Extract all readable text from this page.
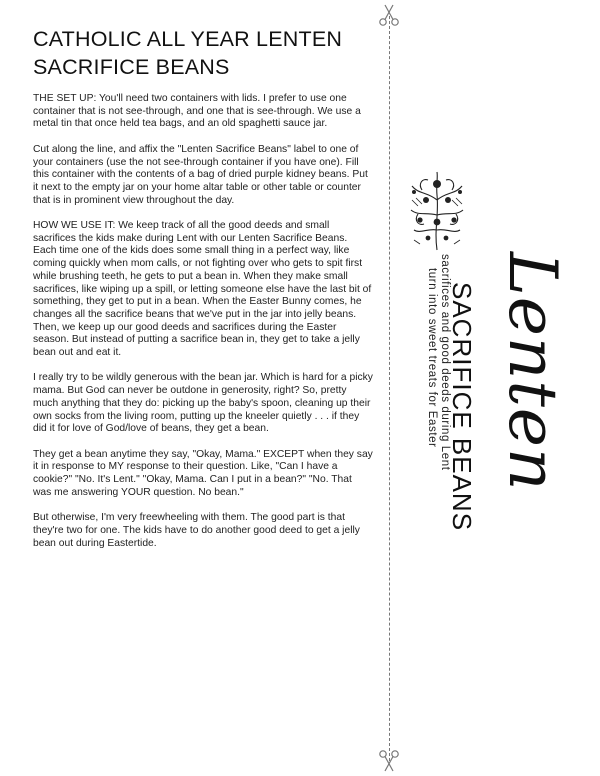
CATHOLIC ALL YEAR LENTEN
SACRIFICE BEANS

THE SET UP: You'll need two containers with lids. I prefer to use one container that is not see-through, and one that is see-through. We use a metal tin that once held tea bags, and an old spaghetti sauce jar.

Cut along the line, and affix the "Lenten Sacrifice Beans" label to one of your containers (use the not see-through container if you have one). Fill this container with the contents of a bag of dried purple kidney beans. Put it next to the empty jar on your home altar table or other table or counter that is in prominent view throughout the day.

HOW WE USE IT: We keep track of all the good deeds and small sacrifices the kids make during Lent with our Lenten Sacrifice Beans. Each time one of the kids does some small thing in a perfect way, like coming quickly when mom calls, or not fighting over who gets to spit first while brushing teeth, he gets to put a bean in. When they make small sacrifices, like wiping up a spill, or letting someone else have the last bit of something, they get to put in a bean. When the Easter Bunny comes, he changes all the sacrifice beans that we've put in the jar into jelly beans. Then, we keep up our good deeds and sacrifices during the Easter season. But instead of putting a sacrifice bean in, they get to take a jelly bean out and eat it.

I really try to be wildly generous with the bean jar. Which is hard for a picky mama. But God can never be outdone in generosity, right? So, pretty much anything that they do: picking up the baby's spoon, cleaning up their own socks from the living room, putting up the kneeler quietly . . . if they did it for love of God/love of beans, they get a bean.

They get a bean anytime they say, "Okay, Mama." EXCEPT when they say it in response to MY response to their question. Like, "Can I have a cookie?" "No. It's Lent." "Okay, Mama. Can I put in a bean?" "No. That was me answering YOUR question. No bean."

But otherwise, I'm very freewheeling with them. The good part is that they're two for one. The kids have to do another good deed to get a jelly bean out during Eastertide.

Lenten
SACRIFICE BEANS
sacrifices and good deeds during Lent
turn into sweet treats for Easter
